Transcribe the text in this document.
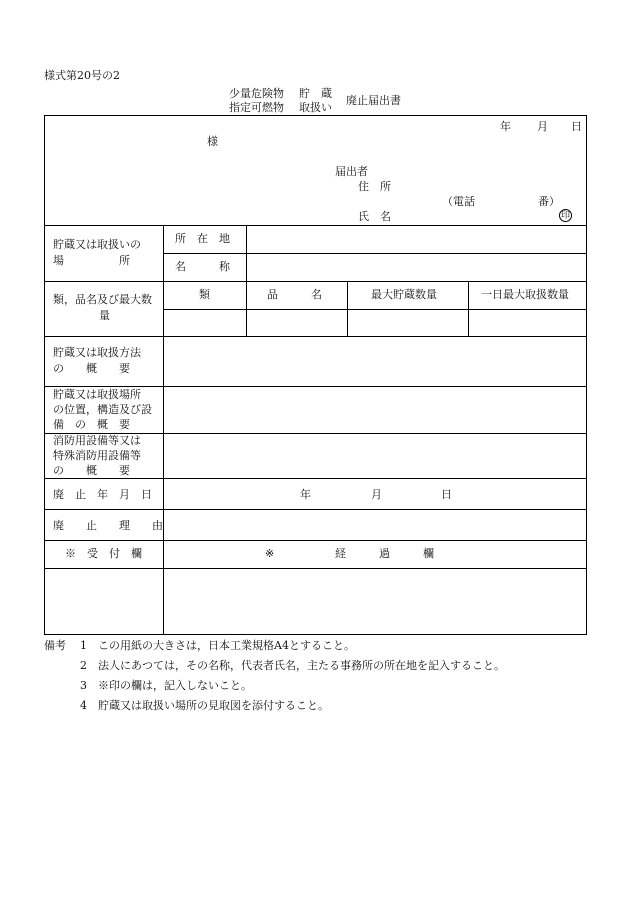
様式第20号の2
少量危険物 貯　蔵
指定可燃物 取扱い
廃止届出書
年 月 日
様
届出者
住　所
（電話	番）
氏　名	印
貯蔵又は取扱いの
場　　　　　所
所　在　地
名　　　称
類，品名及び最大数
量
類	品　　　名	最大貯蔵数量	一日最大取扱数量
貯蔵又は取扱方法
の　　概　　要
貯蔵又は取扱場所
の位置，構造及び設
備　の　概　要
消防用設備等又は
特殊消防用設備等
の　　概　　要
廃　止　年　月　日	年	月	日
廃　　止　　理　　由
※　受　付　欄	※	経　　　過　　　欄
備考 1 この用紙の大きさは，日本工業規格A4とすること。
2 法人にあつては，その名称，代表者氏名，主たる事務所の所在地を記入すること。
3 ※印の欄は，記入しないこと。
4 貯蔵又は取扱い場所の見取図を添付すること。
